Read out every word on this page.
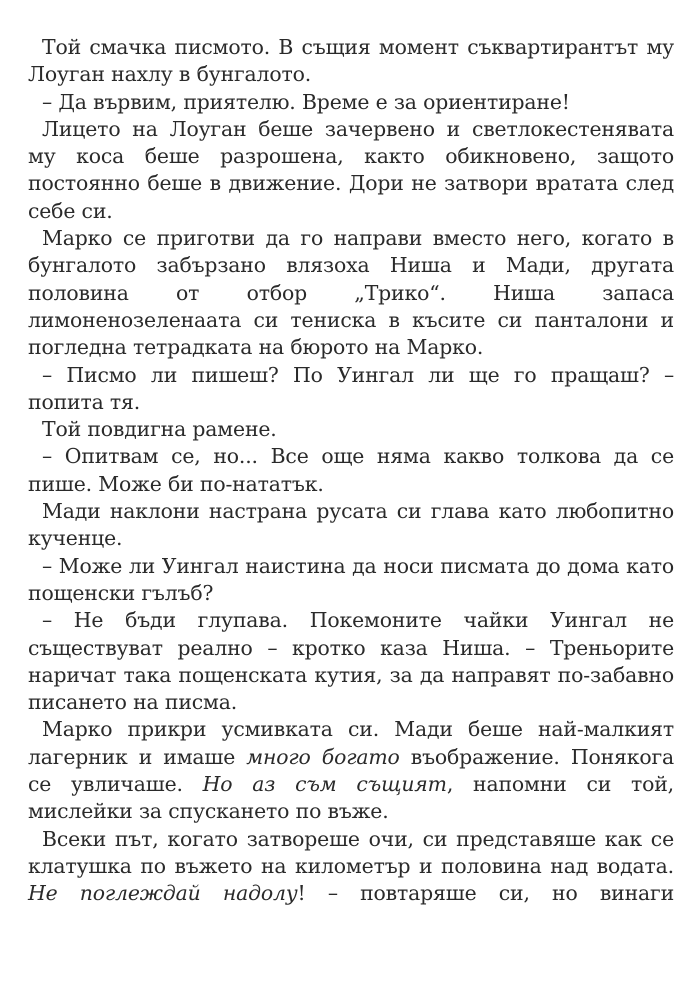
Той смачка писмото. В същия момент съквартирантът му Лоуган нахлу в бунгалото.

– Да вървим, приятелю. Време е за ориентиране!

Лицето на Лоуган беше зачервено и светлокестенявата му коса беше разрошена, както обикновено, защото постоянно беше в движение. Дори не затвори вратата след себе си.

Марко се приготви да го направи вместо него, когато в бунгалото забързано влязоха Ниша и Мади, другата половина от отбор „Трико“. Ниша запаса лимоненозеленаата си тениска в късите си панталони и погледна тетрадката на бюрото на Марко.

– Писмо ли пишеш? По Уингал ли ще го пращаш? – попита тя.

Той повдигна рамене.

– Опитвам се, но... Все още няма какво толкова да се пише. Може би по-нататък.

Мади наклони настрана русата си глава като любопитно кученце.

– Може ли Уингал наистина да носи писмата до дома като пощенски гълъб?

– Не бъди глупава. Покемоните чайки Уингал не съществуват реално – кротко каза Ниша. – Треньорите наричат така пощенската кутия, за да направят по-забавно писането на писма.

Марко прикри усмивката си. Мади беше най-малкият лагерник и имаше много богато въображение. Понякога се увличаше. Но аз съм същият, напомни си той, мислейки за спускането по въже.

Всеки път, когато затвореше очи, си представяше как се клатушка по въжето на километър и половина над водата. Не поглеждай надолу! – повтаряше си, но винаги
